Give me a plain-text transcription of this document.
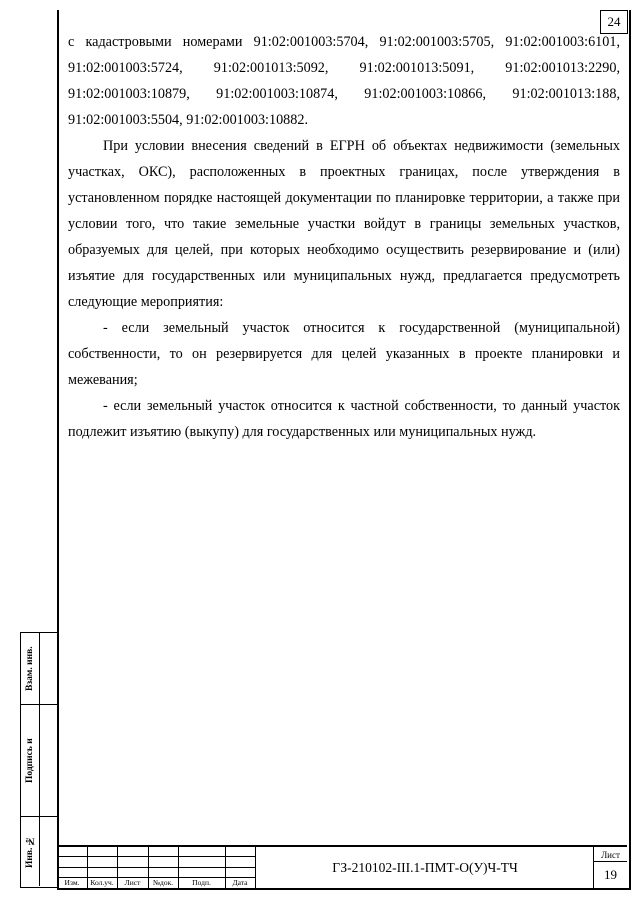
24

с кадастровыми номерами 91:02:001003:5704, 91:02:001003:5705, 91:02:001003:6101, 91:02:001003:5724, 91:02:001013:5092, 91:02:001013:5091, 91:02:001013:2290, 91:02:001003:10879, 91:02:001003:10874, 91:02:001003:10866, 91:02:001013:188, 91:02:001003:5504, 91:02:001003:10882.

При условии внесения сведений в ЕГРН об объектах недвижимости (земельных участках, ОКС), расположенных в проектных границах, после утверждения в установленном порядке настоящей документации по планировке территории, а также при условии того, что такие земельные участки войдут в границы земельных участков, образуемых для целей, при которых необходимо осуществить резервирование и (или) изъятие для государственных или муниципальных нужд, предлагается предусмотреть следующие мероприятия:

- если земельный участок относится к государственной (муниципальной) собственности, то он резервируется для целей указанных в проекте планировки и межевания;

- если земельный участок относится к частной собственности, то данный участок подлежит изъятию (выкупу) для государственных или муниципальных нужд.

Взам. инв.
Подпись и
Инв. №
Изм.	Кол.уч.	Лист	№док.	Подп.	Дата
ГЗ-210102-III.1-ПМТ-О(У)Ч-ТЧ
Лист
19
